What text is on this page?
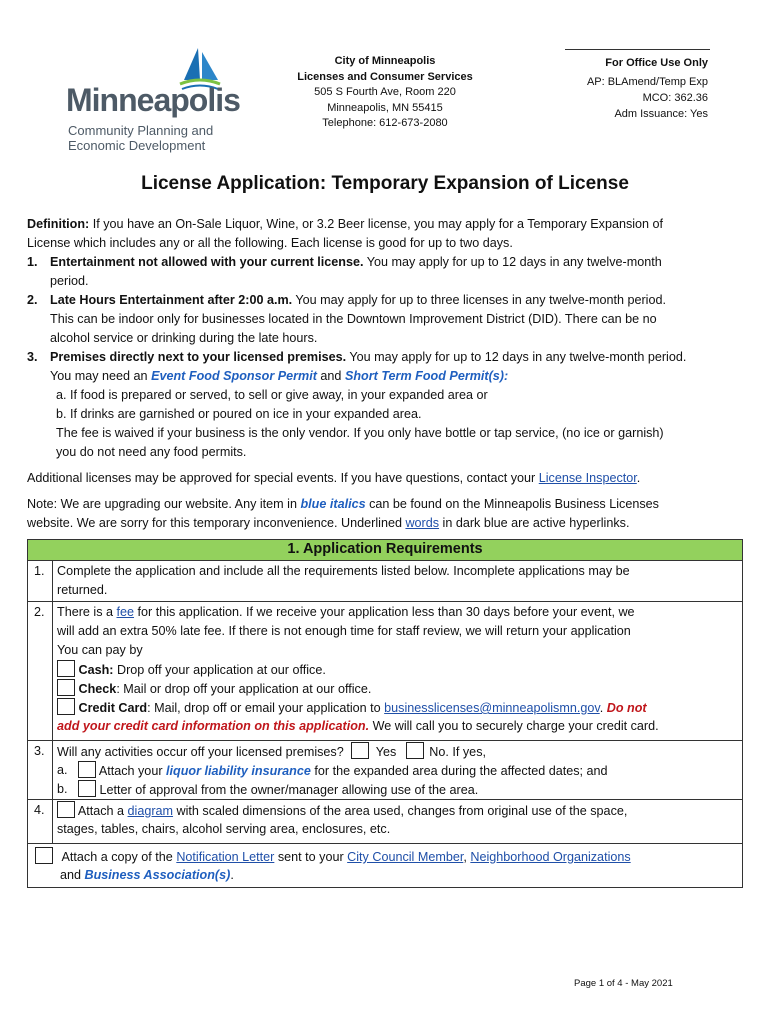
Minneapolis
Community Planning and
Economic Development
City of Minneapolis
Licenses and Consumer Services
505 S Fourth Ave, Room 220
Minneapolis, MN 55415
Telephone: 612-673-2080
For Office Use Only
AP: BLAmend/Temp Exp
MCO: 362.36
Adm Issuance: Yes
License Application: Temporary Expansion of License
Definition: If you have an On-Sale Liquor, Wine, or 3.2 Beer license, you may apply for a Temporary Expansion of
License which includes any or all the following. Each license is good for up to two days.
1. Entertainment not allowed with your current license. You may apply for up to 12 days in any twelve-month
period.
2. Late Hours Entertainment after 2:00 a.m. You may apply for up to three licenses in any twelve-month period.
This can be indoor only for businesses located in the Downtown Improvement District (DID). There can be no
alcohol service or drinking during the late hours.
3. Premises directly next to your licensed premises. You may apply for up to 12 days in any twelve-month period.
You may need an Event Food Sponsor Permit and Short Term Food Permit(s):
a. If food is prepared or served, to sell or give away, in your expanded area or
b. If drinks are garnished or poured on ice in your expanded area.
The fee is waived if your business is the only vendor. If you only have bottle or tap service, (no ice or garnish)
you do not need any food permits.
Additional licenses may be approved for special events. If you have questions, contact your License Inspector.
Note: We are upgrading our website. Any item in blue italics can be found on the Minneapolis Business Licenses
website. We are sorry for this temporary inconvenience. Underlined words in dark blue are active hyperlinks.
1. Application Requirements
1. Complete the application and include all the requirements listed below. Incomplete applications may be
returned.
2. There is a fee for this application. If we receive your application less than 30 days before your event, we
will add an extra 50% late fee. If there is not enough time for staff review, we will return your application
You can pay by
Cash: Drop off your application at our office.
Check: Mail or drop off your application at our office.
Credit Card: Mail, drop off or email your application to businesslicenses@minneapolismn.gov. Do not
add your credit card information on this application. We will call you to securely charge your credit card.
3. Will any activities occur off your licensed premises?	Yes	No. If yes,
a.	Attach your liquor liability insurance for the expanded area during the affected dates; and
b.	Letter of approval from the owner/manager allowing use of the area.
4.	Attach a diagram with scaled dimensions of the area used, changes from original use of the space,
stages, tables, chairs, alcohol serving area, enclosures, etc.
Attach a copy of the Notification Letter sent to your City Council Member, Neighborhood Organizations
and Business Association(s).
Page 1 of 4 - May 2021
